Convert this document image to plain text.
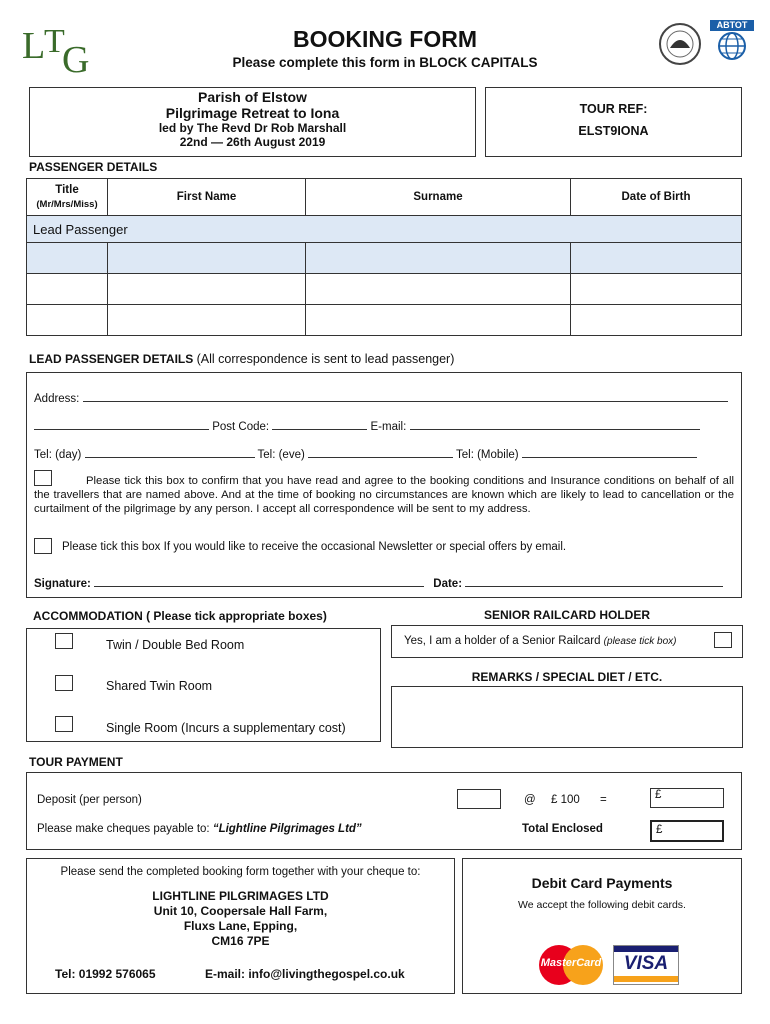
L
T
G	BOOKING FORM
Please complete this form in BLOCK CAPITALS
ABTOT
Parish of Elstow
Pilgrimage Retreat to Iona
led by The Revd Dr Rob Marshall
22nd — 26th August 2019
TOUR REF:
ELST9IONA
PASSENGER DETAILS
Title
(Mr/Mrs/Miss)	First Name	Surname	Date of Birth
Lead Passenger			

LEAD PASSENGER DETAILS (All correspondence is sent to lead passenger)
Address:
Post Code:	E-mail:
Tel: (day)	Tel: (eve)	Tel: (Mobile)
Please tick this box to confirm that you have read and agree to the booking conditions and Insurance conditions on behalf of all the travellers that are named above. And at the time of booking no circumstances are known which are likely to lead to cancellation or the curtailment of the pilgrimage by any person. I accept all correspondence will be sent to my address.
Please tick this box If you would like to receive the occasional Newsletter or special offers by email.
Signature:	Date:
ACCOMMODATION ( Please tick appropriate boxes)
Twin / Double Bed Room
Shared Twin Room
Single Room (Incurs a supplementary cost)
SENIOR RAILCARD HOLDER
Yes, I am a holder of a Senior Railcard (please tick box)
REMARKS / SPECIAL DIET / ETC.
TOUR PAYMENT
Deposit (per person)	@ £ 100 =	£
Please make cheques payable to: “Lightline Pilgrimages Ltd”	Total Enclosed	£
Please send the completed booking form together with your cheque to:
LIGHTLINE PILGRIMAGES LTD
Unit 10, Coopersale Hall Farm,
Fluxs Lane, Epping,
CM16 7PE
Tel: 01992 576065	E-mail: info@livingthegospel.co.uk
Debit Card Payments
We accept the following debit cards.
MasterCard	VISA
